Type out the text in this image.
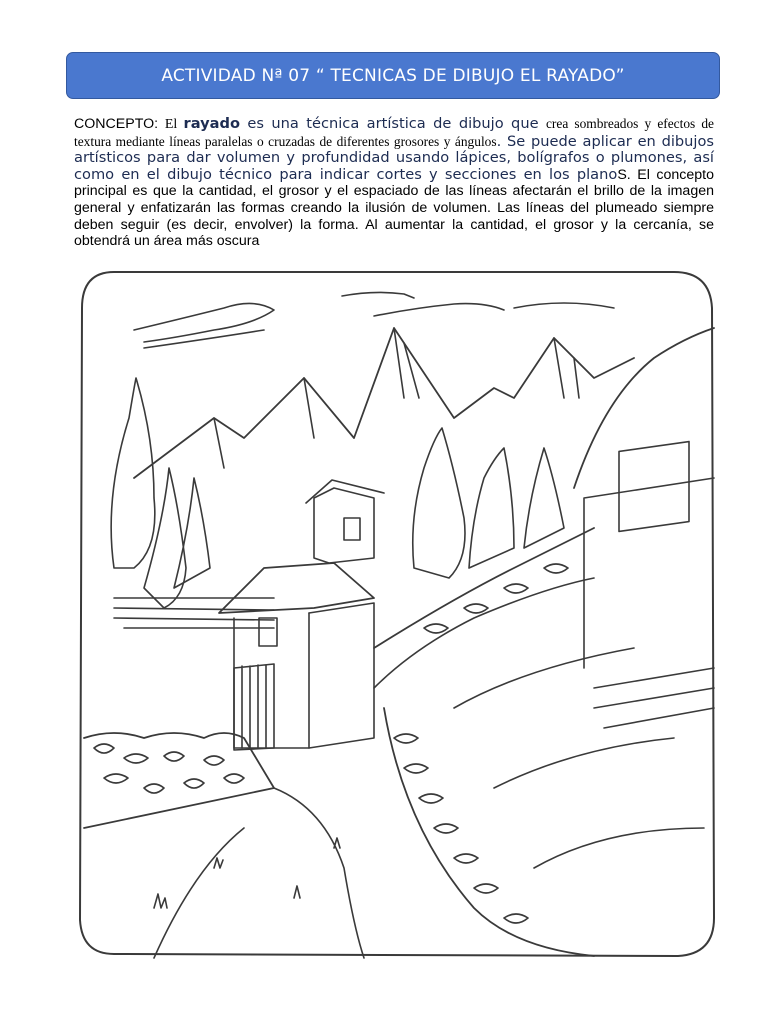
ACTIVIDAD Nª 07 “ TECNICAS DE DIBUJO EL RAYADO”
CONCEPTO: El rayado es una técnica artística de dibujo que crea sombreados y efectos de textura mediante líneas paralelas o cruzadas de diferentes grosores y ángulos. Se puede aplicar en dibujos artísticos para dar volumen y profundidad usando lápices, bolígrafos o plumones, así como en el dibujo técnico para indicar cortes y secciones en los planoS. El concepto principal es que la cantidad, el grosor y el espaciado de las líneas afectarán el brillo de la imagen general y enfatizarán las formas creando la ilusión de volumen. Las líneas del plumeado siempre deben seguir (es decir, envolver) la forma. Al aumentar la cantidad, el grosor y la cercanía, se obtendrá un área más oscura
